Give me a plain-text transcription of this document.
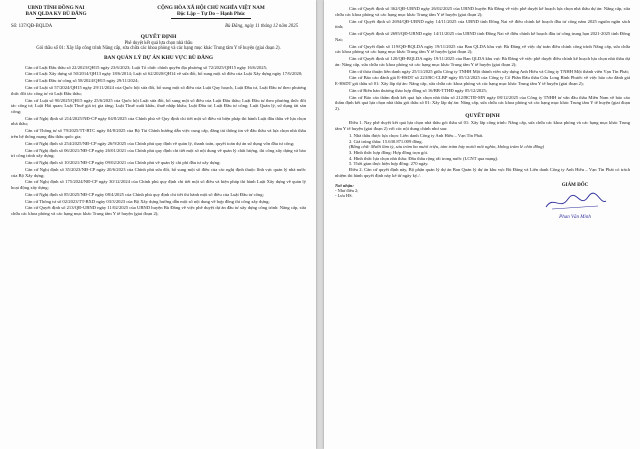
UBND TỈNH ĐỒNG NAI
BAN QLDA KV BÙ ĐĂNG
CỘNG HÒA XÃ HỘI CHỦ NGHĨA VIỆT NAM
Độc Lập – Tự Do – Hạnh Phúc
Số: 137/QĐ-BQLDA	Bù Đăng, ngày 11 tháng 12 năm 2025
QUYẾT ĐỊNH
Phê duyệt kết quả lựa chọn nhà thầu
Gói thầu số 01: Xây lắp công trình Nâng cấp, sửa chữa các khoa phòng và các hạng mục khác Trung tâm Y tế huyện (giai đoạn 2).
BAN QUẢN LÝ DỰ ÁN KHU VỰC BÙ ĐĂNG

Căn cứ Luật Đấu thầu số 22/2023/QH15 ngày 23/6/2023; Luật Tổ chức chính quyền địa phương số 72/2025/QH15 ngày 16/6/2025;

Căn cứ Luật Xây dựng số 50/2014/QH13 ngày 18/6/2014; Luật số 62/2020/QH14 về sửa đổi, bổ sung một số điều của Luật Xây dựng ngày 17/6/2020;

Căn cứ Luật Đầu tư công số 58/2024/QH15 ngày 29/11/2024;

Căn cứ Luật số 57/2024/QH15 ngày 29/11/2024 của Quốc hội sửa đổi, bổ sung một số điều của Luật Quy hoạch, Luật Đầu tư, Luật Đầu tư theo phương thức đối tác công tư và Luật Đấu thầu;

Căn cứ Luật số 90/2025/QH15 ngày 25/6/2025 của Quốc hội Luật sửa đổi, bổ sung một số điều của Luật Đấu thầu; Luật Đầu tư theo phương thức đối tác công tư; Luật Hải quan; Luật Thuế giá trị gia tăng; Luật Thuế xuất khẩu, thuế nhập khẩu; Luật Đầu tư; Luật Đầu tư công; Luật Quản lý, sử dụng tài sản công;

Căn cứ Nghị định số 214/2025/NĐ-CP ngày 04/8/2025 của Chính phủ về Quy định chi tiết một số điều và biện pháp thi hành Luật đấu thầu về lựa chọn nhà thầu;

Căn cứ Thông tư số 79/2025/TT-BTC ngày 04/8/2025 của Bộ Tài Chính hướng dẫn việc cung cấp, đăng tải thông tin về đấu thầu và lựa chọn nhà thầu trên hệ thống mạng đấu thầu quốc gia;

Căn cứ Nghị định số 254/2025/NĐ-CP ngày 26/9/2025 của Chính phủ quy định về quản lý, thanh toán, quyết toán dự án sử dụng vốn đầu tư công;

Căn cứ Nghị định số 06/2021/NĐ-CP ngày 26/01/2021 của Chính phủ quy định chi tiết một số nội dung về quản lý chất lượng, thi công xây dựng và bảo trì công trình xây dựng;

Căn cứ Nghị định số 10/2021/NĐ-CP ngày 09/02/2021 của Chính phủ về quản lý chi phí đầu tư xây dựng;

Căn cứ Nghị định số 35/2023/NĐ-CP ngày 20/6/2023 của Chính phủ sửa đổi, bổ sung một số điều của các nghị định thuộc lĩnh vực quản lý nhà nước của Bộ Xây dựng;

Căn cứ Nghị định số 175/2024/NĐ-CP ngày 30/12/2024 của Chính phủ quy định chi tiết một số điều và biện pháp thi hành Luật Xây dựng về quản lý hoạt động xây dựng;

Căn cứ Nghị định số 85/2025/NĐ-CP ngày 08/4/2025 của Chính phủ quy định chi tiết thi hành một số điều của Luật Đầu tư công;

Căn cứ Thông tư số 02/2023/TT-BXD ngày 03/3/2023 của Bộ Xây dựng hướng dẫn một số nội dung về hợp đồng thi công xây dựng;

Căn cứ Quyết định số 213/QĐ-UBND ngày 11/02/2025 của UBND huyện Bù Đăng về việc phê duyệt dự án đầu tư xây dựng công trình: Nâng cấp, sửa chữa các khoa phòng và các hạng mục khác Trung tâm Y tế huyện (giai đoạn 2);

Căn cứ Quyết định số 362/QĐ-UBND ngày 26/02/2025 của UBND huyện Bù Đăng về việc phê duyệt kế hoạch lựa chọn nhà thầu dự án: Nâng cấp, sửa chữa các khoa phòng và các hạng mục khác Trung tâm Y tế huyện (giai đoạn 2);

Căn cứ Quyết định số 2694/QĐ-UBND ngày 14/11/2025 của UBND tỉnh Đồng Nai về điều chỉnh kế hoạch đầu tư công năm 2025 nguồn ngân sách tỉnh;

Căn cứ Quyết định số 2695/QĐ-UBND ngày 14/11/2025 của UBND tỉnh Đồng Nai về điều chỉnh kế hoạch đầu tư công trung hạn 2021-2025 tỉnh Đồng Nai;

Căn cứ Quyết định số 119/QĐ-BQLDA ngày 19/11/2025 của Ban QLDA khu vực Bù Đăng về việc dự toán điều chỉnh công trình Nâng cấp, sửa chữa các khoa phòng và các hạng mục khác Trung tâm Y tế huyện (giai đoạn 2);

Căn cứ Quyết định số 120/QĐ-BQLDA ngày 19/11/2025 của Ban QLDA khu vực Bù Đăng về việc phê duyệt điều chỉnh kế hoạch lựa chọn nhà thầu dự án: Nâng cấp, sửa chữa các khoa phòng và các hạng mục khác Trung tâm Y tế huyện (giai đoạn 2);

Căn cứ thỏa thuận liên danh ngày 25/11/2025 giữa Công ty TNHH Một thành viên xây dựng Anh Hiếu và Công ty TNHH Một thành viên Vạn Tín Phát;

Căn cứ Báo cáo đánh giá E-HSDT số 223/BC-CLBP ngày 05/12/2025 của Công ty Cổ Phần Đấu thầu Cửu Long Bình Phước về việc báo cáo đánh giá E-HSDT gói thầu số 01: Xây lắp dự án: Nâng cấp, sửa chữa các khoa phòng và các hạng mục khác Trung tâm Y tế huyện (giai đoạn 2);

Căn cứ Biên bản thương thảo hợp đồng số 16/BB-TTHĐ ngày 05/12/2025;

Căn cứ Báo cáo thẩm định kết quả lựa chọn nhà thầu số 212/BCTĐ-MN ngày 08/12/2025 của Công ty TNHH tư vấn đầu thầu Miền Nam về báo cáo thẩm định kết quả lựa chọn nhà thầu gói thầu số 01: Xây lắp dự án: Nâng cấp, sửa chữa các khoa phòng và các hạng mục khác Trung tâm Y tế huyện (giai đoạn 2).

QUYẾT ĐỊNH

Điều 1. Nay phê duyệt kết quả lựa chọn nhà thầu gói thầu số 01: Xây lắp công trình: Nâng cấp, sửa chữa các khoa phòng và các hạng mục khác Trung tâm Y tế huyện (giai đoạn 2) với các nội dung chính như sau:

1. Nhà thầu được lựa chọn: Liên danh Công ty Anh Hiếu – Vạn Tín Phát.
2. Giá trúng thầu: 15.630.871.009 đồng.
(Bằng chữ: Mười lăm tỷ, sáu trăm ba mươi triệu, tám trăm bảy mươi mốt nghìn, không trăm lẻ chín đồng)
3. Hình thức hợp đồng: Hợp đồng trọn gói.
4. Hình thức lựa chọn nhà thầu: Đấu thầu rộng rãi trong nước (LCNT qua mạng).
5. Thời gian thực hiện hợp đồng: 270 ngày.

Điều 2. Căn cứ quyết định này, Bộ phận quản lý dự án Ban Quản lý dự án khu vực Bù Đăng và Liên danh Công ty Anh Hiếu – Vạn Tín Phát có trách nhiệm thi hành quyết định này kể từ ngày ký./.

Nơi nhận:
- Như điều 2;
- Lưu HS.
GIÁM ĐỐC
Phan Văn Minh
